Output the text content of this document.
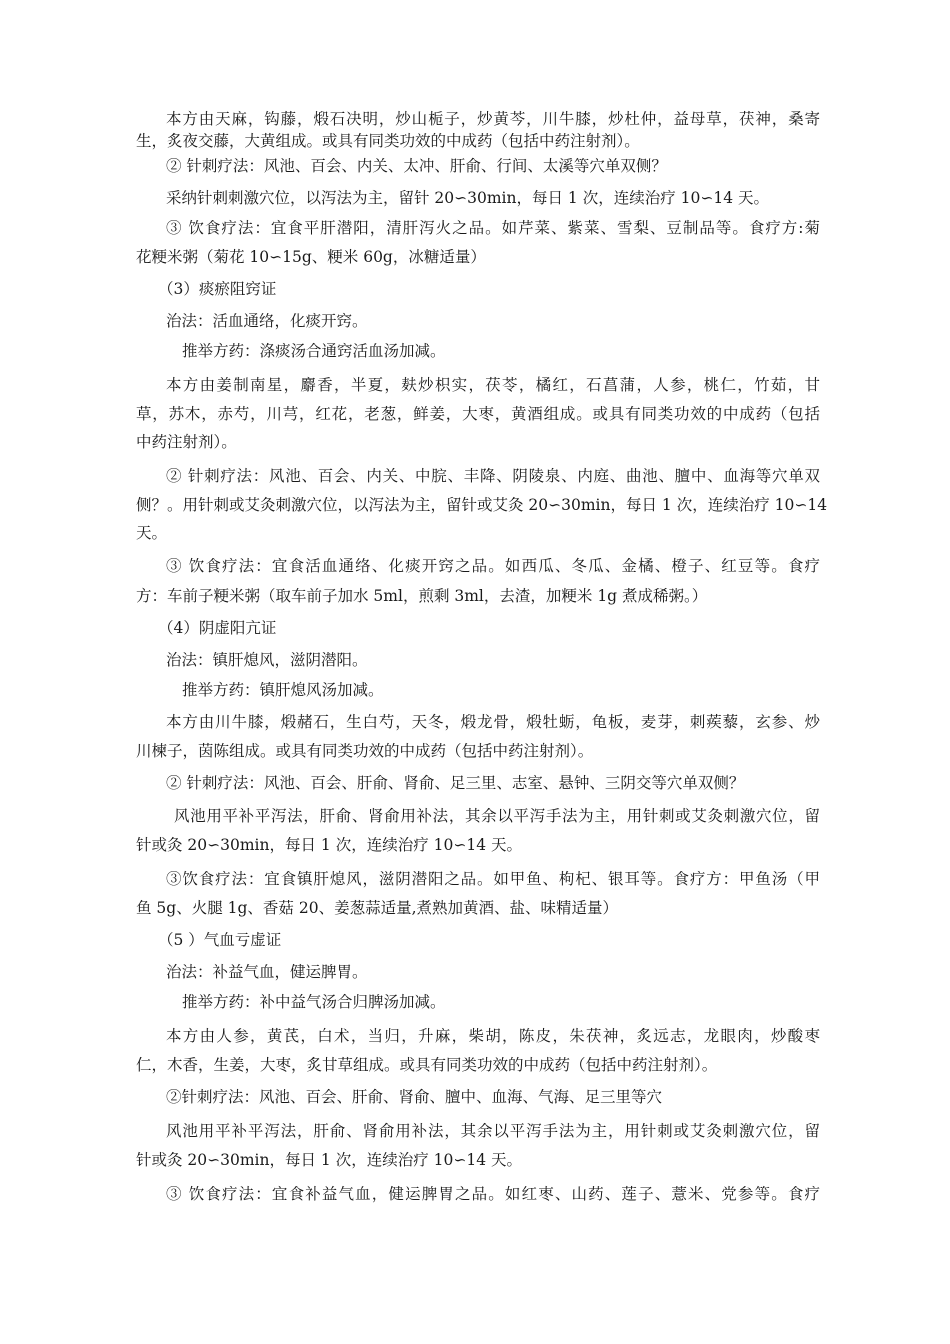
本方由天麻，钩藤，煅石决明，炒山栀子，炒黄芩，川牛膝，炒杜仲，益母草，茯神，桑寄
生，炙夜交藤，大黄组成。或具有同类功效的中成药（包括中药注射剂）。
② 针刺疗法：风池、百会、内关、太冲、肝俞、行间、太溪等穴单双侧？
采纳针刺刺激穴位，以泻法为主，留针 20∽30min，每日 1 次，连续治疗 10∽14 天。
③ 饮食疗法：宜食平肝潜阳，清肝泻火之品。如芹菜、紫菜、雪梨、豆制品等。食疗方:菊
花粳米粥（菊花 10∽15g、粳米 60g，冰糖适量）
（3）痰瘀阻窍证
治法：活血通络，化痰开窍。
推举方药：涤痰汤合通窍活血汤加减。
本方由姜制南星，麝香，半夏，麸炒枳实，茯苓，橘红，石菖蒲，人参，桃仁，竹茹，甘
草，苏木，赤芍，川芎，红花，老葱，鲜姜，大枣，黄酒组成。或具有同类功效的中成药（包括
中药注射剂）。
② 针刺疗法：风池、百会、内关、中脘、丰降、阴陵泉、内庭、曲池、膻中、血海等穴单双
侧？。用针刺或艾灸刺激穴位，以泻法为主，留针或艾灸 20∽30min，每日 1 次，连续治疗 10∽14
天。
③ 饮食疗法：宜食活血通络、化痰开窍之品。如西瓜、冬瓜、金橘、橙子、红豆等。食疗
方：车前子粳米粥（取车前子加水 5ml，煎剩 3ml，去渣，加粳米 1g 煮成稀粥。）
（4）阴虚阳亢证
治法：镇肝熄风，滋阴潜阳。
推举方药：镇肝熄风汤加减。
本方由川牛膝，煅赭石，生白芍，天冬，煅龙骨，煅牡蛎，龟板，麦芽，刺蒺藜，玄参、炒
川楝子，茵陈组成。或具有同类功效的中成药（包括中药注射剂）。
② 针刺疗法：风池、百会、肝俞、肾俞、足三里、志室、悬钟、三阴交等穴单双侧？
风池用平补平泻法，肝俞、肾俞用补法，其余以平泻手法为主，用针刺或艾灸刺激穴位，留
针或灸 20∽30min，每日 1 次，连续治疗 10∽14 天。
③饮食疗法：宜食镇肝熄风，滋阴潜阳之品。如甲鱼、枸杞、银耳等。食疗方：甲鱼汤（甲
鱼 5g、火腿 1g、香菇 20、姜葱蒜适量,煮熟加黄酒、盐、味精适量）
（5 ）气血亏虚证
治法：补益气血，健运脾胃。
推举方药：补中益气汤合归脾汤加减。
本方由人参，黄芪，白术，当归，升麻，柴胡，陈皮，朱茯神，炙远志，龙眼肉，炒酸枣
仁，木香，生姜，大枣，炙甘草组成。或具有同类功效的中成药（包括中药注射剂）。
②针刺疗法：风池、百会、肝俞、肾俞、膻中、血海、气海、足三里等穴
风池用平补平泻法，肝俞、肾俞用补法，其余以平泻手法为主，用针刺或艾灸刺激穴位，留
针或灸 20∽30min，每日 1 次，连续治疗 10∽14 天。
③ 饮食疗法：宜食补益气血，健运脾胃之品。如红枣、山药、莲子、薏米、党参等。食疗
